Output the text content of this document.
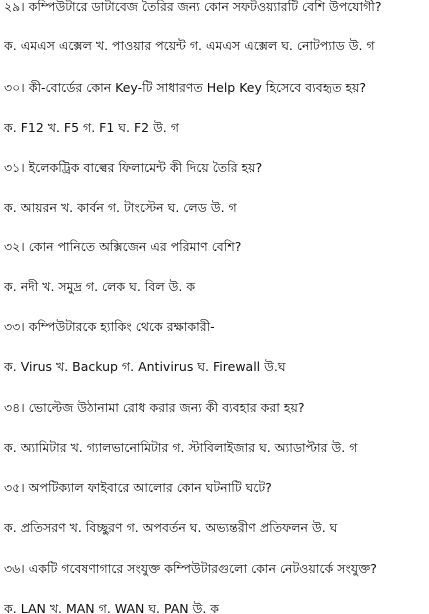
২৯। কম্পিউটারে ডাটাবেজ তৈরির জন্য কোন সফটওয়্যারটি বেশি উপযোগী?
ক. এমএস এক্সেল খ. পাওয়ার পয়েন্ট গ. এমএস এক্সেল ঘ. নোটপ্যাড উ. গ
৩০। কী-বোর্ডের কোন Key-টি সাধারণত Help Key হিসেবে ব্যবহৃত হয়?
ক. F12 খ. F5 গ. F1 ঘ. F2 উ. গ
৩১। ইলেকট্রিক বাল্বের ফিলামেন্ট কী দিয়ে তৈরি হয়?
ক. আয়রন খ. কার্বন গ. টাংস্টেন ঘ. লেড উ. গ
৩২। কোন পানিতে অক্সিজেন এর পরিমাণ বেশি?
ক. নদী খ. সমুদ্র গ. লেক ঘ. বিল উ. ক
৩৩। কম্পিউটারকে হ্যাকিং থেকে রক্ষাকারী-
ক. Virus খ. Backup গ. Antivirus ঘ. Firewall উ.ঘ
৩৪। ভোল্টেজ উঠানামা রোধ করার জন্য কী ব্যবহার করা হয়?
ক. অ্যামিটার খ. গ্যালভানোমিটার গ. স্টাবিলাইজার ঘ. অ্যাডাপ্টার উ. গ
৩৫। অপটিক্যাল ফাইবারে আলোর কোন ঘটনাটি ঘটে?
ক. প্রতিসরণ খ. বিচ্ছুরণ গ. অপবর্তন ঘ. অভ্যন্তরীণ প্রতিফলন উ. ঘ
৩৬। একটি গবেষণাগারে সংযুক্ত কম্পিউটারগুলো কোন নেটওয়ার্কে সংযুক্ত?
ক. LAN খ. MAN গ. WAN ঘ. PAN উ. ক
